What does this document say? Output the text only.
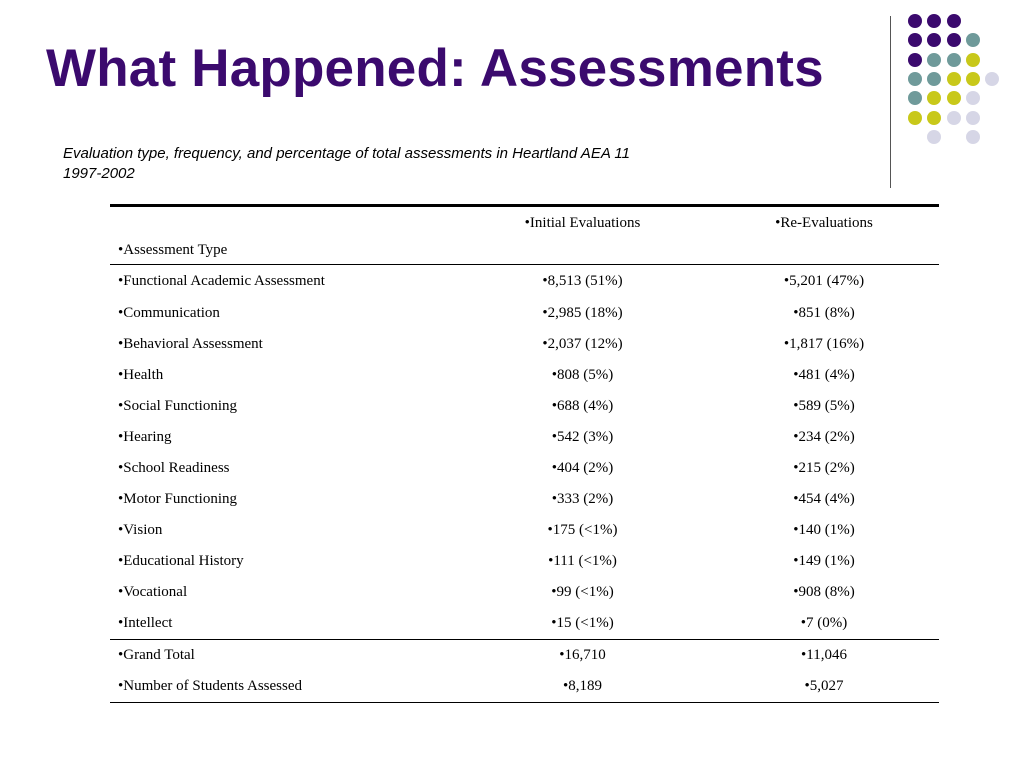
What Happened: Assessments
Evaluation type, frequency, and percentage of total assessments in Heartland AEA 11
1997-2002
•Assessment Type	•Initial Evaluations	•Re-Evaluations
•Functional Academic Assessment	•8,513 (51%)	•5,201 (47%)
•Communication	•2,985 (18%)	•851 (8%)
•Behavioral Assessment	•2,037 (12%)	•1,817 (16%)
•Health	•808 (5%)	•481 (4%)
•Social Functioning	•688 (4%)	•589 (5%)
•Hearing	•542 (3%)	•234 (2%)
•School Readiness	•404 (2%)	•215 (2%)
•Motor Functioning	•333 (2%)	•454 (4%)
•Vision	•175 (<1%)	•140 (1%)
•Educational History	•111 (<1%)	•149 (1%)
•Vocational	•99 (<1%)	•908 (8%)
•Intellect	•15 (<1%)	•7 (0%)
•Grand Total	•16,710	•11,046
•Number of Students Assessed	•8,189	•5,027
